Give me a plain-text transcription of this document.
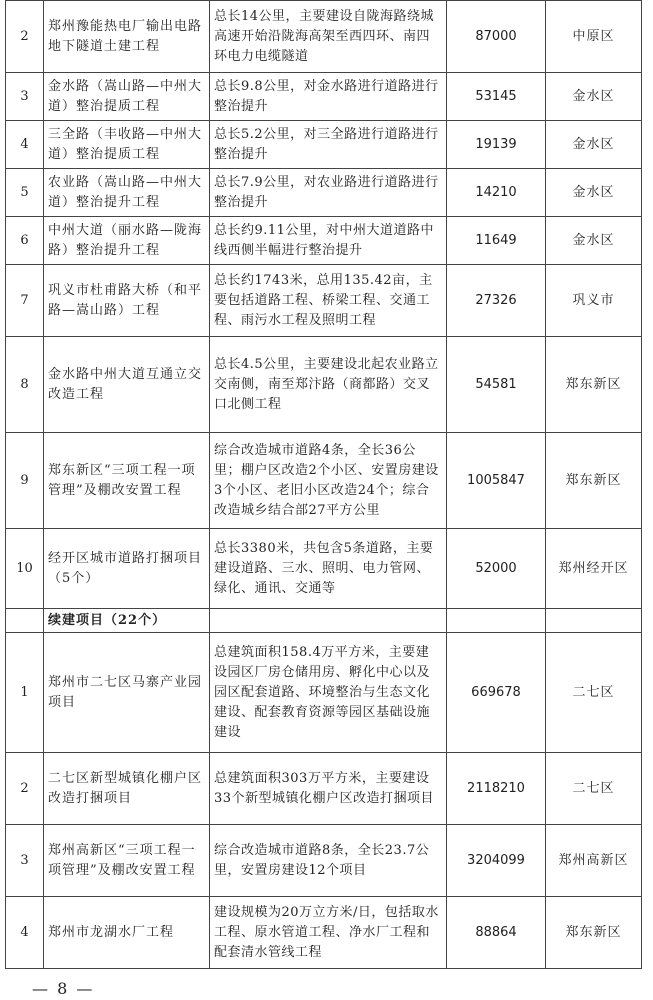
2	郑州豫能热电厂输出电路地下隧道土建工程	总长14公里，主要建设自陇海路绕城高速开始沿陇海高架至西四环、南四环电力电缆隧道	87000	中原区
3	金水路（嵩山路—中州大道）整治提质工程	总长9.8公里，对金水路进行道路进行整治提升	53145	金水区
4	三全路（丰收路—中州大道）整治提质工程	总长5.2公里，对三全路进行道路进行整治提升	19139	金水区
5	农业路（嵩山路—中州大道）整治提升工程	总长7.9公里，对农业路进行道路进行整治提升	14210	金水区
6	中州大道（丽水路—陇海路）整治提升工程	总长约9.11公里，对中州大道道路中线西侧半幅进行整治提升	11649	金水区
7	巩义市杜甫路大桥（和平路—嵩山路）工程	总长约1743米，总用135.42亩，主要包括道路工程、桥梁工程、交通工程、雨污水工程及照明工程	27326	巩义市
8	金水路中州大道互通立交改造工程	总长4.5公里，主要建设北起农业路立交南侧，南至郑汴路（商都路）交叉口北侧工程	54581	郑东新区
9	郑东新区“三项工程一项管理”及棚改安置工程	综合改造城市道路4条，全长36公里；棚户区改造2个小区、安置房建设3个小区、老旧小区改造24个；综合改造城乡结合部27平方公里	1005847	郑东新区
10	经开区城市道路打捆项目（5个）	总长3380米，共包含5条道路，主要建设道路、三水、照明、电力管网、绿化、通讯、交通等	52000	郑州经开区
	续建项目（22个）			
1	郑州市二七区马寨产业园项目	总建筑面积158.4万平方米，主要建设园区厂房仓储用房、孵化中心以及园区配套道路、环境整治与生态文化建设、配套教育资源等园区基础设施建设	669678	二七区
2	二七区新型城镇化棚户区改造打捆项目	总建筑面积303万平方米，主要建设33个新型城镇化棚户区改造打捆项目	2118210	二七区
3	郑州高新区“三项工程一项管理”及棚改安置工程	综合改造城市道路8条，全长23.7公里，安置房建设12个项目	3204099	郑州高新区
4	郑州市龙湖水厂工程	建设规模为20万立方米/日，包括取水工程、原水管道工程、净水厂工程和配套清水管线工程	88864	郑东新区
— 8 —
